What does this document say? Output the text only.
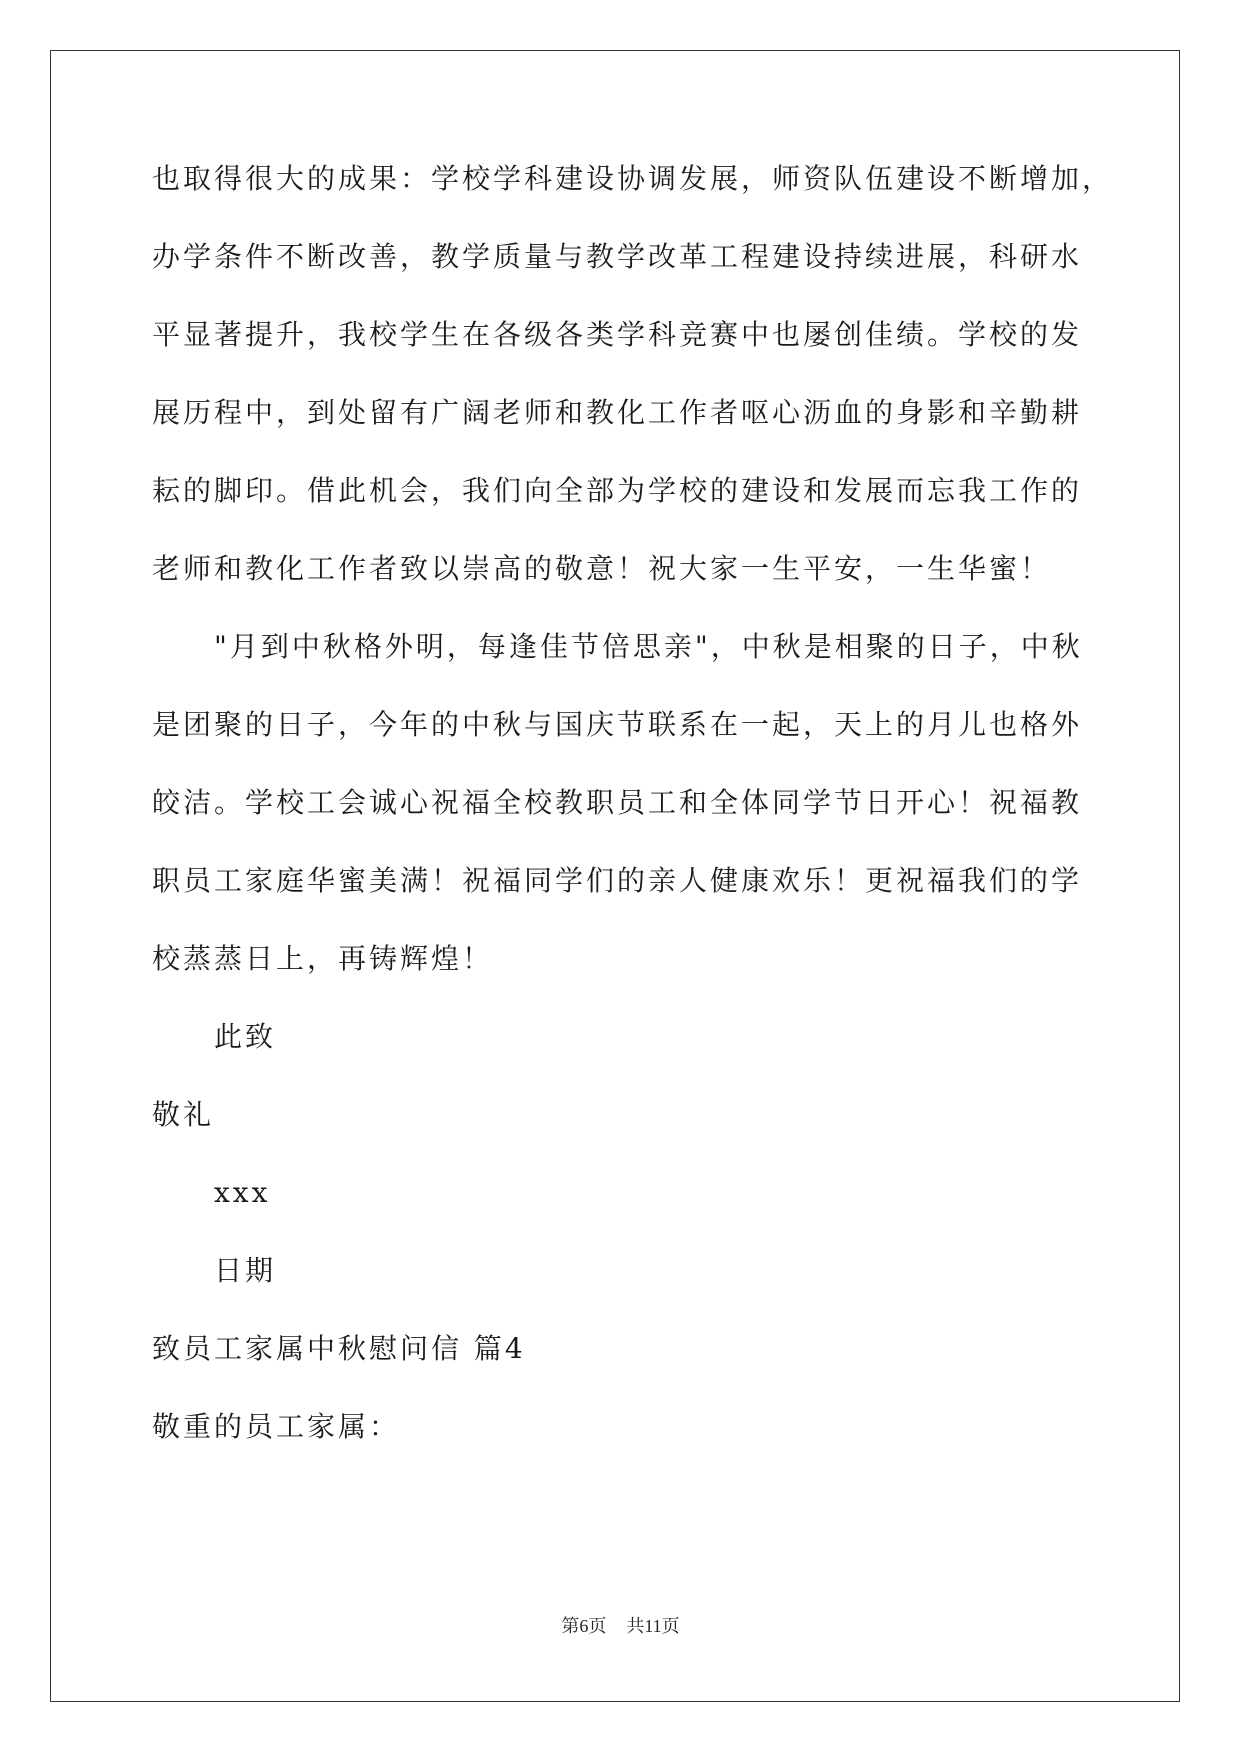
也取得很大的成果：学校学科建设协调发展，师资队伍建设不断增加，
办学条件不断改善，教学质量与教学改革工程建设持续进展，科研水
平显著提升，我校学生在各级各类学科竞赛中也屡创佳绩。学校的发
展历程中，到处留有广阔老师和教化工作者呕心沥血的身影和辛勤耕
耘的脚印。借此机会，我们向全部为学校的建设和发展而忘我工作的
老师和教化工作者致以崇高的敬意！祝大家一生平安，一生华蜜！
"月到中秋格外明，每逢佳节倍思亲"，中秋是相聚的日子，中秋
是团聚的日子，今年的中秋与国庆节联系在一起，天上的月儿也格外
皎洁。学校工会诚心祝福全校教职员工和全体同学节日开心！祝福教
职员工家庭华蜜美满！祝福同学们的亲人健康欢乐！更祝福我们的学
校蒸蒸日上，再铸辉煌！
此致
敬礼
xxx
日期
致员工家属中秋慰问信 篇4
敬重的员工家属：
第6页 共11页
